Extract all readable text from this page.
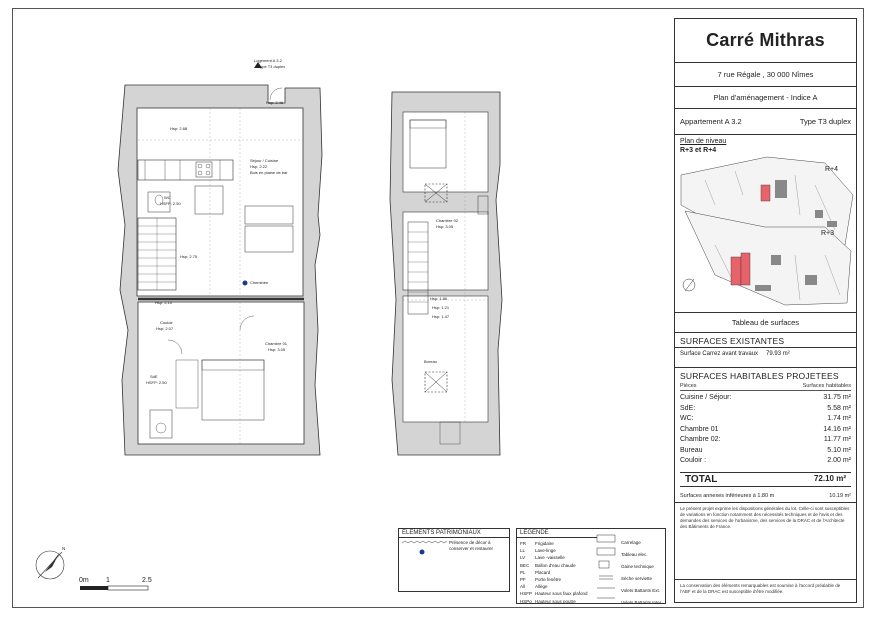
Logement A 3.2
Type T3 duplex
Hsp: 2.46
Hsp: 2.88
Séjour / Cuisine
Hsp: 2.22
Bois en plaine de bar
WC
HSFP: 2.50
Hsp: 2.75
Cheminée
Hsp: 2.10
Couloir
Hsp: 2.07
Chambre 01
Hsp: 3.05
SdE
HSFP: 2.50
Chambre 02
Hsp: 3.05
Hsp: 1.86
Hsp: 1.21
Hsp: 1.47
Bureau
N
0m 1	2.5
ELEMENTS PATRIMONIAUX
Présence de décor à conserver et restaurer
LEGENDE
FR
LL
LV
BEC
PL
PF
All
HSFP
HSPo
Frigidaire
Lave-linge
Lave -vaisselle
Ballon d'eau chaude
Placard
Porte fenêtre
Allège
Hauteur sous faux plafond
Hauteur sous poutre
Carrelage
Tableau elec.
Gaine technique
Sèche serviette
Volets Battants Ext.
Volets Battants Inter.
Carré Mithras
7 rue Régale , 30 000 Nîmes
Plan d'aménagement - Indice A
Appartement A 3.2	Type T3 duplex
Plan de niveau
R+3 et R+4
R+4
R+3
Tableau de surfaces
SURFACES EXISTANTES
Surface Carrez avant travaux 79.93 m²
SURFACES HABITABLES PROJETEES
Pièces	Surfaces habitables
Cuisine / Séjour:	31.75 m²
SdE:	5.58 m²
WC:	1.74 m²
Chambre 01	14.16 m²
Chambre 02:	11.77 m²
Bureau	5.10 m²
Couloir :	2.00 m²
TOTAL	72.10 m²
Surfaces annexes inférieures à 1.80 m	10.19 m²
Le présent projet exprime les dispositions générales du lot. Celle-ci sont susceptibles de variations en fonction notamment des nécessités techniques et de l'avis et des demandes des services de l'urbanisme, des services de la DRAC et de l'Architecte des Bâtiments de France.
La conservation des éléments remarquables est soumise à l'accord préalable de l'ABF et de la DRAC est susceptible d'être modifiée.
